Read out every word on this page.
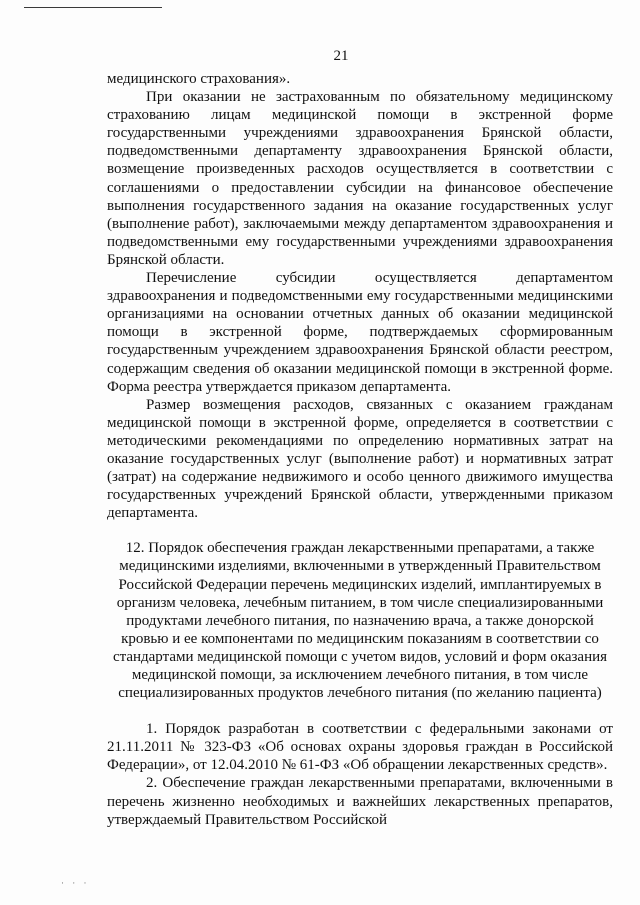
21

медицинского страхования».

При оказании не застрахованным по обязательному медицинскому страхованию лицам медицинской помощи в экстренной форме государственными учреждениями здравоохранения Брянской области, подведомственными департаменту здравоохранения Брянской области, возмещение произведенных расходов осуществляется в соответствии с соглашениями о предоставлении субсидии на финансовое обеспечение выполнения государственного задания на оказание государственных услуг (выполнение работ), заключаемыми между департаментом здравоохранения и подведомственными ему государственными учреждениями здравоохранения Брянской области.

Перечисление субсидии осуществляется департаментом здравоохранения и подведомственными ему государственными медицинскими организациями на основании отчетных данных об оказании медицинской помощи в экстренной форме, подтверждаемых сформированным государственным учреждением здравоохранения Брянской области реестром, содержащим сведения об оказании медицинской помощи в экстренной форме. Форма реестра утверждается приказом департамента.

Размер возмещения расходов, связанных с оказанием гражданам медицинской помощи в экстренной форме, определяется в соответствии с методическими рекомендациями по определению нормативных затрат на оказание государственных услуг (выполнение работ) и нормативных затрат (затрат) на содержание недвижимого и особо ценного движимого имущества государственных учреждений Брянской области, утвержденными приказом департамента.

12. Порядок обеспечения граждан лекарственными препаратами, а также медицинскими изделиями, включенными в утвержденный Правительством Российской Федерации перечень медицинских изделий, имплантируемых в организм человека, лечебным питанием, в том числе специализированными продуктами лечебного питания, по назначению врача, а также донорской кровью и ее компонентами по медицинским показаниям в соответствии со стандартами медицинской помощи с учетом видов, условий и форм оказания медицинской помощи, за исключением лечебного питания, в том числе специализированных продуктов лечебного питания (по желанию пациента)

1. Порядок разработан в соответствии с федеральными законами от 21.11.2011 № 323-ФЗ «Об основах охраны здоровья граждан в Российской Федерации», от 12.04.2010 № 61-ФЗ «Об обращении лекарственных средств».

2. Обеспечение граждан лекарственными препаратами, включенными в перечень жизненно необходимых и важнейших лекарственных препаратов, утверждаемый Правительством Российской

· · ·
